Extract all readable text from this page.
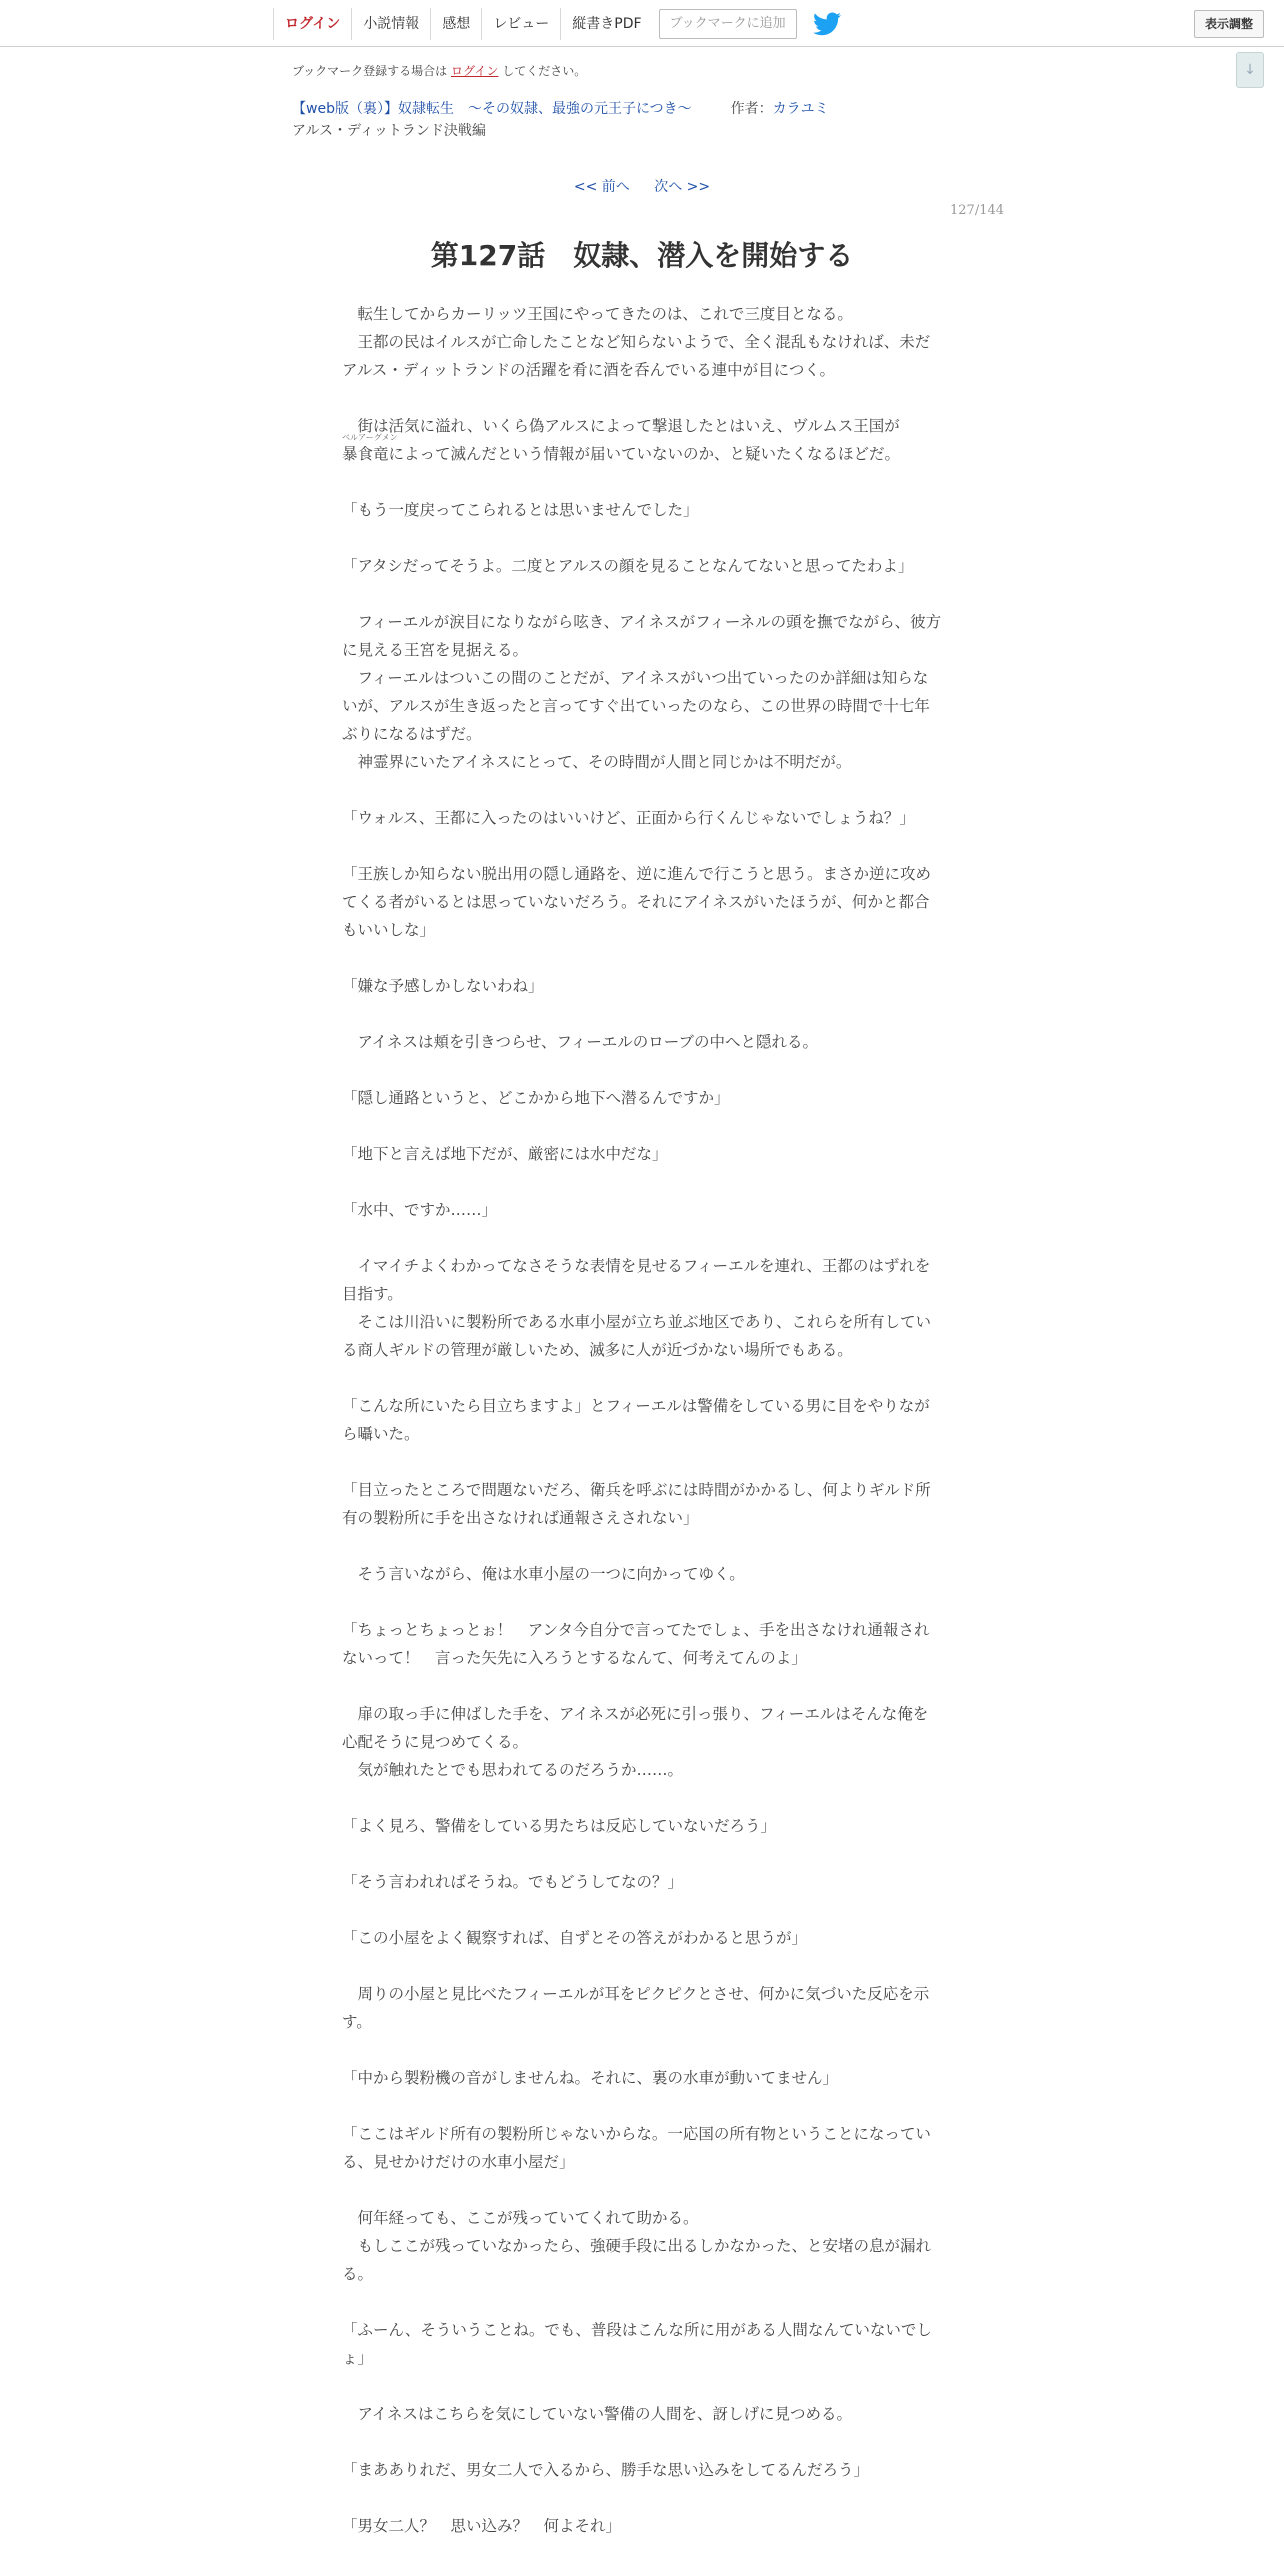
ログイン	小説情報	感想	レビュー	縦書きPDF	ブックマークに追加	表示調整
↓
ブックマーク登録する場合は ログイン してください。
【web版（裏）】奴隷転生　～その奴隷、最強の元王子につき～	作者：カラユミ
アルス・ディットランド決戦編
<< 前へ 次へ >>
127/144
第127話　奴隷、潜入を開始する

　転生してからカーリッツ王国にやってきたのは、これで三度目となる。

　王都の民はイルスが亡命したことなど知らないようで、全く混乱もなければ、未だアルス・ディットランドの活躍を肴に酒を呑んでいる連中が目につく。

　街は活気に溢れ、いくら偽アルスによって撃退したとはいえ、ヴルムス王国が

ベルアーグメン
暴食竜によって滅んだという情報が届いていないのか、と疑いたくなるほどだ。

「もう一度戻ってこられるとは思いませんでした」

「アタシだってそうよ。二度とアルスの顔を見ることなんてないと思ってたわよ」

　フィーエルが涙目になりながら呟き、アイネスがフィーネルの頭を撫でながら、彼方に見える王宮を見据える。

　フィーエルはついこの間のことだが、アイネスがいつ出ていったのか詳細は知らないが、アルスが生き返ったと言ってすぐ出ていったのなら、この世界の時間で十七年ぶりになるはずだ。

　神霊界にいたアイネスにとって、その時間が人間と同じかは不明だが。

「ウォルス、王都に入ったのはいいけど、正面から行くんじゃないでしょうね？」

「王族しか知らない脱出用の隠し通路を、逆に進んで行こうと思う。まさか逆に攻めてくる者がいるとは思っていないだろう。それにアイネスがいたほうが、何かと都合もいいしな」

「嫌な予感しかしないわね」

　アイネスは頬を引きつらせ、フィーエルのローブの中へと隠れる。

「隠し通路というと、どこかから地下へ潜るんですか」

「地下と言えば地下だが、厳密には水中だな」

「水中、ですか……」

　イマイチよくわかってなさそうな表情を見せるフィーエルを連れ、王都のはずれを目指す。

　そこは川沿いに製粉所である水車小屋が立ち並ぶ地区であり、これらを所有している商人ギルドの管理が厳しいため、滅多に人が近づかない場所でもある。

「こんな所にいたら目立ちますよ」とフィーエルは警備をしている男に目をやりながら囁いた。

「目立ったところで問題ないだろ、衛兵を呼ぶには時間がかかるし、何よりギルド所有の製粉所に手を出さなければ通報さえされない」

　そう言いながら、俺は水車小屋の一つに向かってゆく。

「ちょっとちょっとぉ！　アンタ今自分で言ってたでしょ、手を出さなけれ通報されないって！　言った矢先に入ろうとするなんて、何考えてんのよ」

　扉の取っ手に伸ばした手を、アイネスが必死に引っ張り、フィーエルはそんな俺を心配そうに見つめてくる。

　気が触れたとでも思われてるのだろうか……。

「よく見ろ、警備をしている男たちは反応していないだろう」

「そう言われればそうね。でもどうしてなの？」

「この小屋をよく観察すれば、自ずとその答えがわかると思うが」

　周りの小屋と見比べたフィーエルが耳をピクピクとさせ、何かに気づいた反応を示す。

「中から製粉機の音がしませんね。それに、裏の水車が動いてません」

「ここはギルド所有の製粉所じゃないからな。一応国の所有物ということになっている、見せかけだけの水車小屋だ」

　何年経っても、ここが残っていてくれて助かる。

　もしここが残っていなかったら、強硬手段に出るしかなかった、と安堵の息が漏れる。

「ふーん、そういうことね。でも、普段はこんな所に用がある人間なんていないでしょ」

　アイネスはこちらを気にしていない警備の人間を、訝しげに見つめる。

「まあありれだ、男女二人で入るから、勝手な思い込みをしてるんだろう」

「男女二人？　思い込み？　何よそれ」
